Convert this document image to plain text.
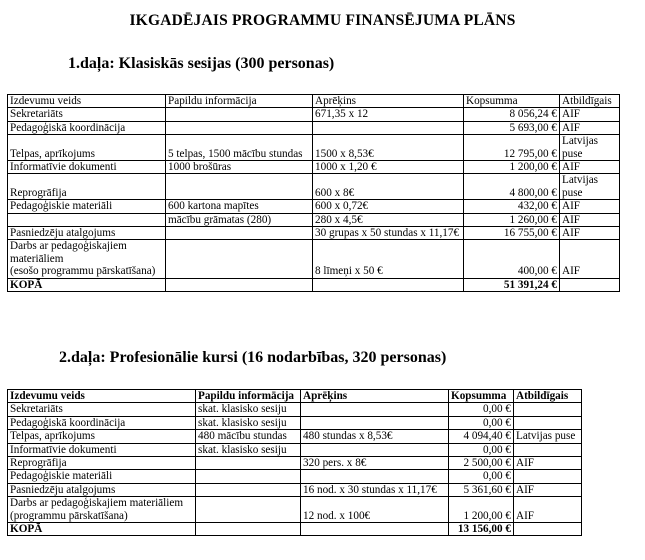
IKGADĒJAIS PROGRAMMU FINANSĒJUMA PLĀNS
1.daļa: Klasiskās sesijas (300 personas)
Izdevumu veids	Papildu informācija	Aprēķins	Kopsumma	Atbildīgais
Sekretariāts		671,35 x 12	8 056,24 €	AIF
Pedagoģiskā koordinācija			5 693,00 €	AIF
Telpas, aprīkojums	5 telpas, 1500 mācību stundas	1500 x 8,53€	12 795,00 €	Latvijas puse
Informatīvie dokumenti	1000 brošūras	1000 x 1,20 €	1 200,00 €	AIF
Reprogrāfija		600 x 8€	4 800,00 €	Latvijas puse
Pedagoģiskie materiāli	600 kartona mapītes	600 x 0,72€	432,00 €	AIF
	mācību grāmatas (280)	280 x 4,5€	1 260,00 €	AIF
Pasniedzēju atalgojums		30 grupas x 50 stundas x 11,17€	16 755,00 €	AIF
Darbs ar pedagoģiskajiem materiāliem
(esošo programmu pārskatīšana)		8 līmeņi x 50 €	400,00 €	AIF
KOPĀ			51 391,24 €	
2.daļa: Profesionālie kursi (16 nodarbības, 320 personas)
Izdevumu veids	Papildu informācija	Aprēķins	Kopsumma	Atbildīgais
Sekretariāts	skat. klasisko sesiju		0,00 €	
Pedagoģiskā koordinācija	skat. klasisko sesiju		0,00 €	
Telpas, aprīkojums	480 mācību stundas	480 stundas x 8,53€	4 094,40 €	Latvijas puse
Informatīvie dokumenti	skat. klasisko sesiju		0,00 €	
Reprogrāfija		320 pers. x 8€	2 500,00 €	AIF
Pedagoģiskie materiāli			0,00 €	
Pasniedzēju atalgojums		16 nod. x 30 stundas x 11,17€	5 361,60 €	AIF
Darbs ar pedagoģiskajiem materiāliem
(programmu pārskatīšana)		12 nod. x 100€	1 200,00 €	AIF
KOPĀ			13 156,00 €	
